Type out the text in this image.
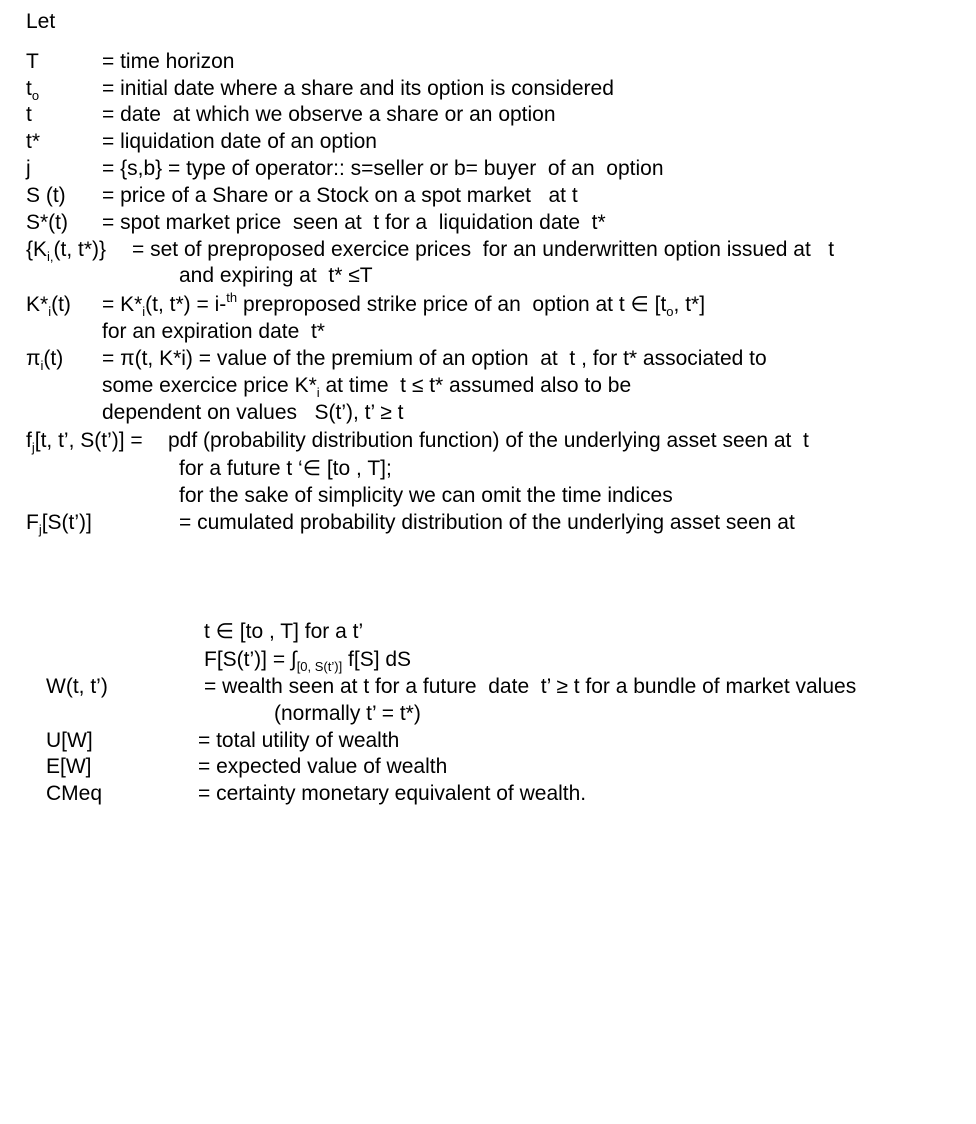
Let
T	= time horizon
$t_o$	= initial date where a share and its option is considered
t	= date  at which we observe a share or an option
t*	= liquidation date of an option
j	= {s,b} = type of operator:: s=seller or b= buyer  of an  option
S (t) = price of a Share or a Stock on a spot market   at t
S*(t) = spot market price  seen at  t for a  liquidation date  t*
{$K_{i,}(t$, t*)} = set of preproposed exercice prices  for an underwritten option issued at   t
and expiring at  t* ≤T
$K*_i(t) = K*_i(t$, t*) = i-$^{th}$ preproposed strike price of an  option at t ∈ [$t_o$, t*]
for an expiration date  t*
$\pi_i(t) = \pi(t$, K*i) = value of the premium of an option  at  t , for t* associated to
some exercice price $K*_i$ at time  t ≤ t* assumed also to be
dependent on values   S(t’), t’ ≥ t
$f_j[t$, t’, S(t’)] = pdf (probability distribution function) of the underlying asset seen at  t
for a future t ‘∈ [to , T];
for the sake of simplicity we can omit the time indices
$F_j[S(t’)]$	= cumulated probability distribution of the underlying asset seen at
t ∈ [to , T] for a t’
F[S(t’)] = $\int_{[0, S(t’)]}$ f[S] dS
W(t, t’)	= wealth seen at t for a future  date  t’ ≥ t for a bundle of market values
(normally t’ = t*)
U[W]	= total utility of wealth
E[W]	= expected value of wealth
CMeq	= certainty monetary equivalent of wealth.
